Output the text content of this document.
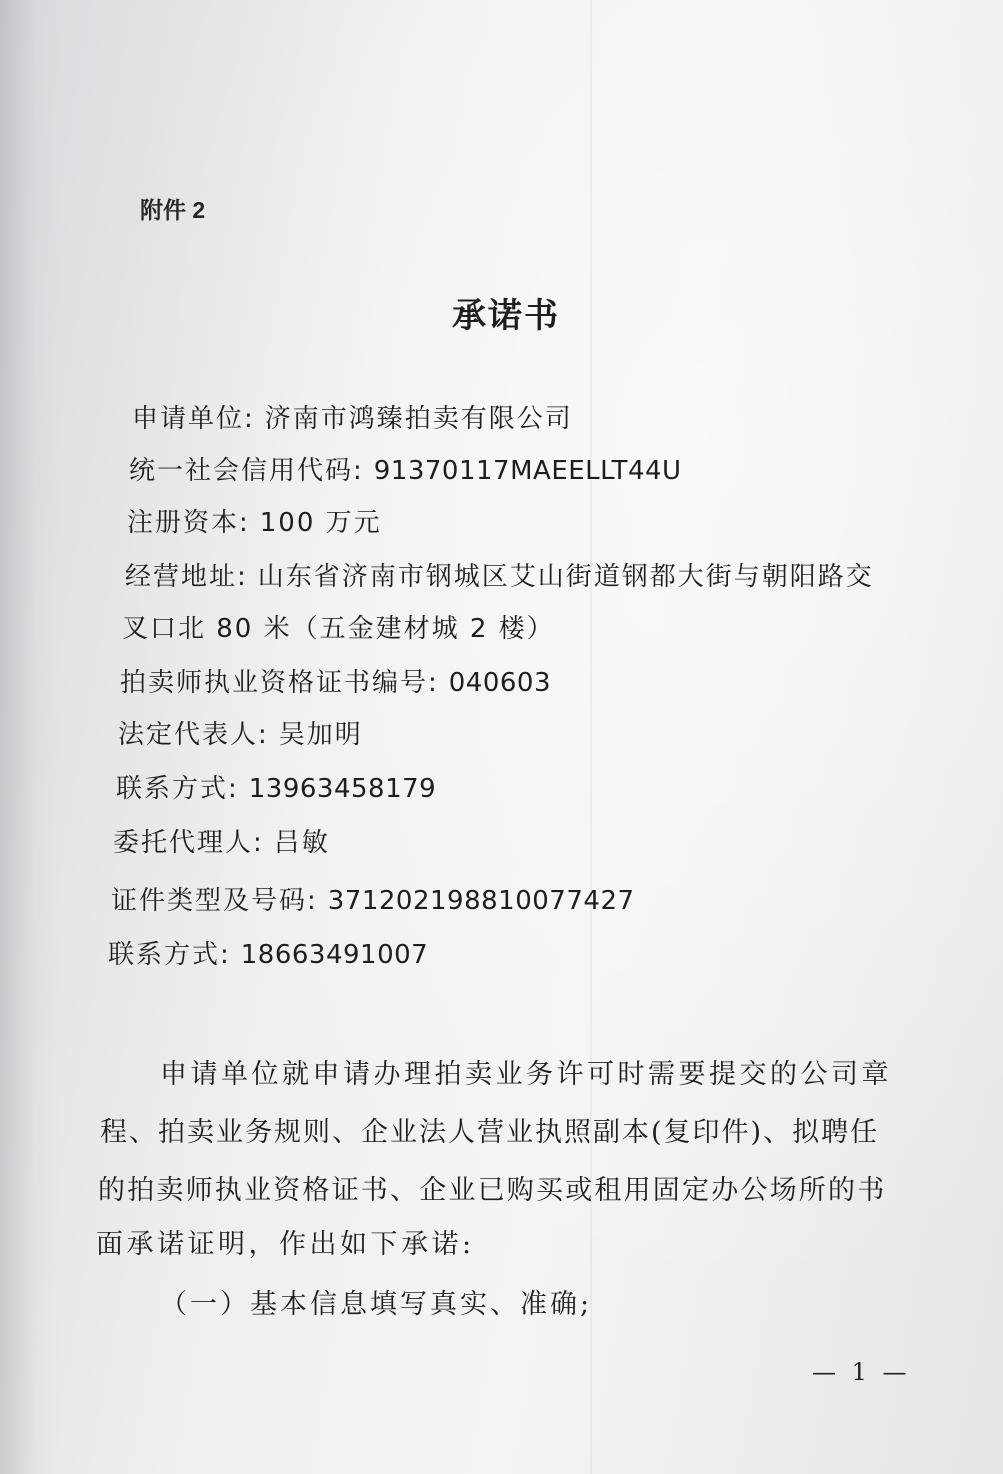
附件 2
承诺书
申请单位: 济南市鸿臻拍卖有限公司
统一社会信用代码: 91370117MAEELLT44U
注册资本: 100 万元
经营地址: 山东省济南市钢城区艾山街道钢都大街与朝阳路交
叉口北 80 米（五金建材城 2 楼）
拍卖师执业资格证书编号: 040603
法定代表人: 吴加明
联系方式: 13963458179
委托代理人: 吕敏
证件类型及号码: 371202198810077427
联系方式: 18663491007
申请单位就申请办理拍卖业务许可时需要提交的公司章
程、拍卖业务规则、企业法人营业执照副本(复印件)、拟聘任
的拍卖师执业资格证书、企业已购买或租用固定办公场所的书
面承诺证明，作出如下承诺:
（一）基本信息填写真实、准确;
— 1 —
